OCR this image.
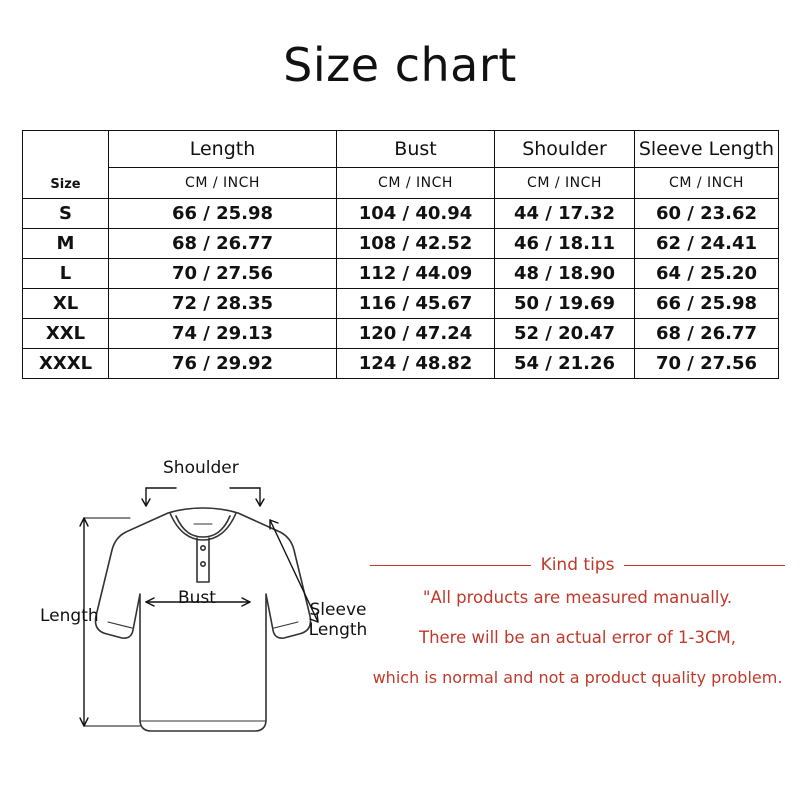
Size chart
Size	Length	Bust	Shoulder	Sleeve Length
	CM / INCH	CM / INCH	CM / INCH	CM / INCH
S	66 / 25.98	104 / 40.94	44 / 17.32	60 / 23.62
M	68 / 26.77	108 / 42.52	46 / 18.11	62 / 24.41
L	70 / 27.56	112 / 44.09	48 / 18.90	64 / 25.20
XL	72 / 28.35	116 / 45.67	50 / 19.69	66 / 25.98
XXL	74 / 29.13	120 / 47.24	52 / 20.47	68 / 26.77
XXXL	76 / 29.92	124 / 48.82	54 / 21.26	70 / 27.56
Shoulder
Bust
Length	Sleeve Length
Kind tips

"All products are measured manually.

There will be an actual error of 1-3CM,

which is normal and not a product quality problem.
